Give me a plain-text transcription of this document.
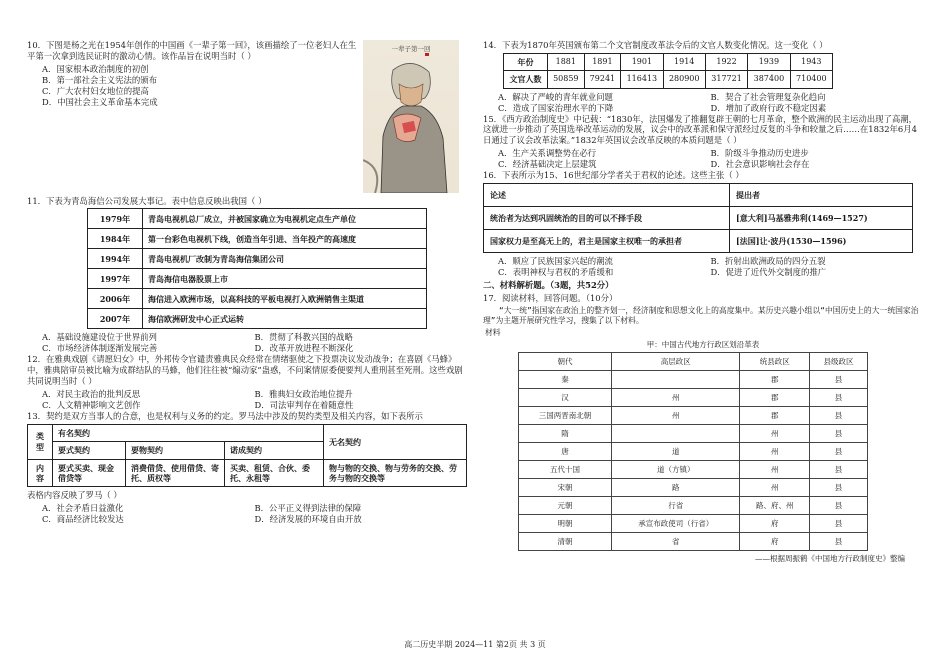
10．下图是杨之光在1954年创作的中国画《一辈子第一回》，该画描绘了一位老妇人在生平第一次拿到选民证时的激动心情。该作品旨在说明当时（ ）

A．国家根本政治制度的初创
B．第一部社会主义宪法的颁布
C．广大农村妇女地位的提高
D．中国社会主义革命基本完成

11．下表为青岛海信公司发展大事记。表中信息反映出我国（ ）

1979年	青岛电视机总厂成立，并被国家确立为电视机定点生产单位
1984年	第一台彩色电视机下线，创造当年引进、当年投产的高速度
1994年	青岛电视机厂改制为青岛海信集团公司
1997年	青岛海信电器股票上市
2006年	海信进入欧洲市场，以高科技的平板电视打入欧洲销售主渠道
2007年	海信欧洲研发中心正式运转
A．基础设施建设位于世界前列	B．贯彻了科教兴国的战略
C．市场经济体制逐渐发展完善	D．改革开放进程不断深化

12．在雅典戏剧《请愿妇女》中，外邦传令官谴责雅典民众经常在情绪驱使之下投票决议发动战争；在喜剧《马蜂》中，雅典陪审员被比喻为成群结队的马蜂，他们往往被“煽动家”蛊惑，不问案情原委便要判人重刑甚至死刑。这些戏剧共同说明当时（ ）

A．对民主政治的批判反思	B．雅典妇女政治地位提升
C．人文精神影响文艺创作	D．司法审判存在着随意性

13．契约是双方当事人的合意，也是权利与义务的约定。罗马法中涉及的契约类型及相关内容，如下表所示

类型	有名契约			无名契约
	要式契约	要物契约	诺成契约	
内容	要式买卖、现金借贷等	消费借贷、使用借贷、寄托、质权等	买卖、租赁、合伙、委托、永租等	物与物的交换、物与劳务的交换、劳务与物的交换等

表格内容反映了罗马（ ）

A．社会矛盾日益激化	B．公平正义得到法律的保障
C．商品经济比较发达	D．经济发展的环境自由开放
一辈子第一回	14．下表为1870年英国颁布第二个文官制度改革法令后的文官人数变化情况。这一变化（ ）

年份	1881	1891	1901	1914	1922	1939	1943
文官人数	50859	79241	116413	280900	317721	387400	710400
A．解决了严峻的青年就业问题	B．契合了社会管理复杂化趋向
C．造成了国家治理水平的下降	D．增加了政府行政不稳定因素

15．《西方政治制度史》中记载：“1830年，法国爆发了推翻复辟王朝的七月革命，整个欧洲的民主运动出现了高潮，这就进一步推动了英国选举改革运动的发展，议会中的改革派和保守派经过反复的斗争和较量之后……在1832年6月4日通过了议会改革法案。”1832年英国议会改革反映的本质问题是（ ）

A．生产关系调整势在必行	B．阶级斗争推动历史进步
C．经济基础决定上层建筑	D．社会意识影响社会存在

16．下表所示为15、16世纪部分学者关于君权的论述。这些主张（ ）

论述	提出者
统治者为达到巩固统治的目的可以不择手段	[意大利]马基雅弗利(1469—1527)
国家权力是至高无上的，君主是国家主权唯一的承担者	[法国]让·波丹(1530—1596)
A．顺应了民族国家兴起的潮流	B．折射出欧洲政局的四分五裂
C．表明神权与君权的矛盾缓和	D．促进了近代外交制度的推广
二、材料解析题。（3题，共52分）
17．阅读材料，回答问题。（10分）

“大一统”指国家在政治上的整齐划一，经济制度和思想文化上的高度集中。某历史兴趣小组以“中国历史上的大一统国家治理”为主题开展研究性学习，搜集了以下材料。

材料
甲：中国古代地方行政区划沿革表
朝代	高层政区	统县政区	县级政区
秦		郡	县
汉	州	郡	县
三国两晋南北朝	州	郡	县
隋		州	县
唐	道	州	县
五代十国	道（方镇）	州	县
宋朝	路	州	县
元朝	行省	路、府、州	县
明朝	承宣布政使司（行省）	府	县
清朝	省	府	县
——根据周振鹤《中国地方行政制度史》整编
高二历史半期 2024—11 第2页 共 3 页
